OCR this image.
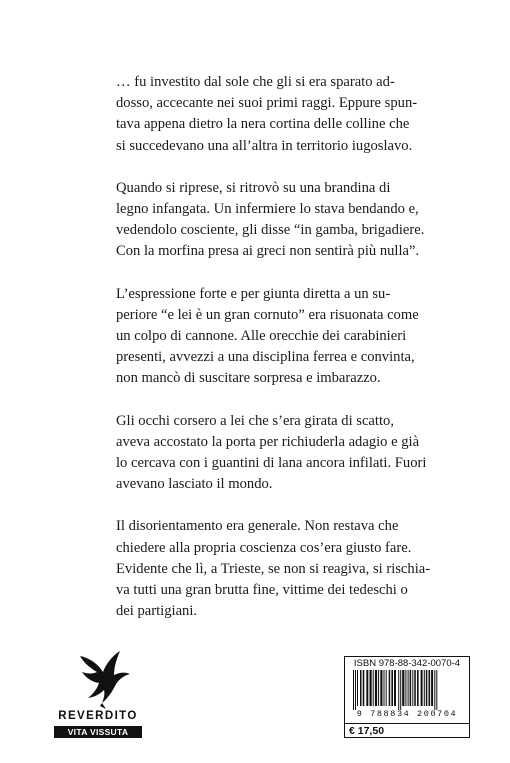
… fu investito dal sole che gli si era sparato ad-
dosso, accecante nei suoi primi raggi. Eppure spun-
tava appena dietro la nera cortina delle colline che
si succedevano una all’altra in territorio iugoslavo.
Quando si riprese, si ritrovò su una brandina di
legno infangata. Un infermiere lo stava bendando e,
vedendolo cosciente, gli disse “in gamba, brigadiere.
Con la morfina presa ai greci non sentirà più nulla”.
L’espressione forte e per giunta diretta a un su-
periore “e lei è un gran cornuto” era risuonata come
un colpo di cannone. Alle orecchie dei carabinieri
presenti, avvezzi a una disciplina ferrea e convinta,
non mancò di suscitare sorpresa e imbarazzo.
Gli occhi corsero a lei che s’era girata di scatto,
aveva accostato la porta per richiuderla adagio e già
lo cercava con i guantini di lana ancora infilati. Fuori
avevano lasciato il mondo.
Il disorientamento era generale. Non restava che
chiedere alla propria coscienza cos’era giusto fare.
Evidente che lì, a Trieste, se non si reagiva, si rischia-
va tutti una gran brutta fine, vittime dei tedeschi o
dei partigiani.
REVERDITO
VITA VISSUTA
ISBN 978-88-342-0070-4
9 788834 200704
€ 17,50
